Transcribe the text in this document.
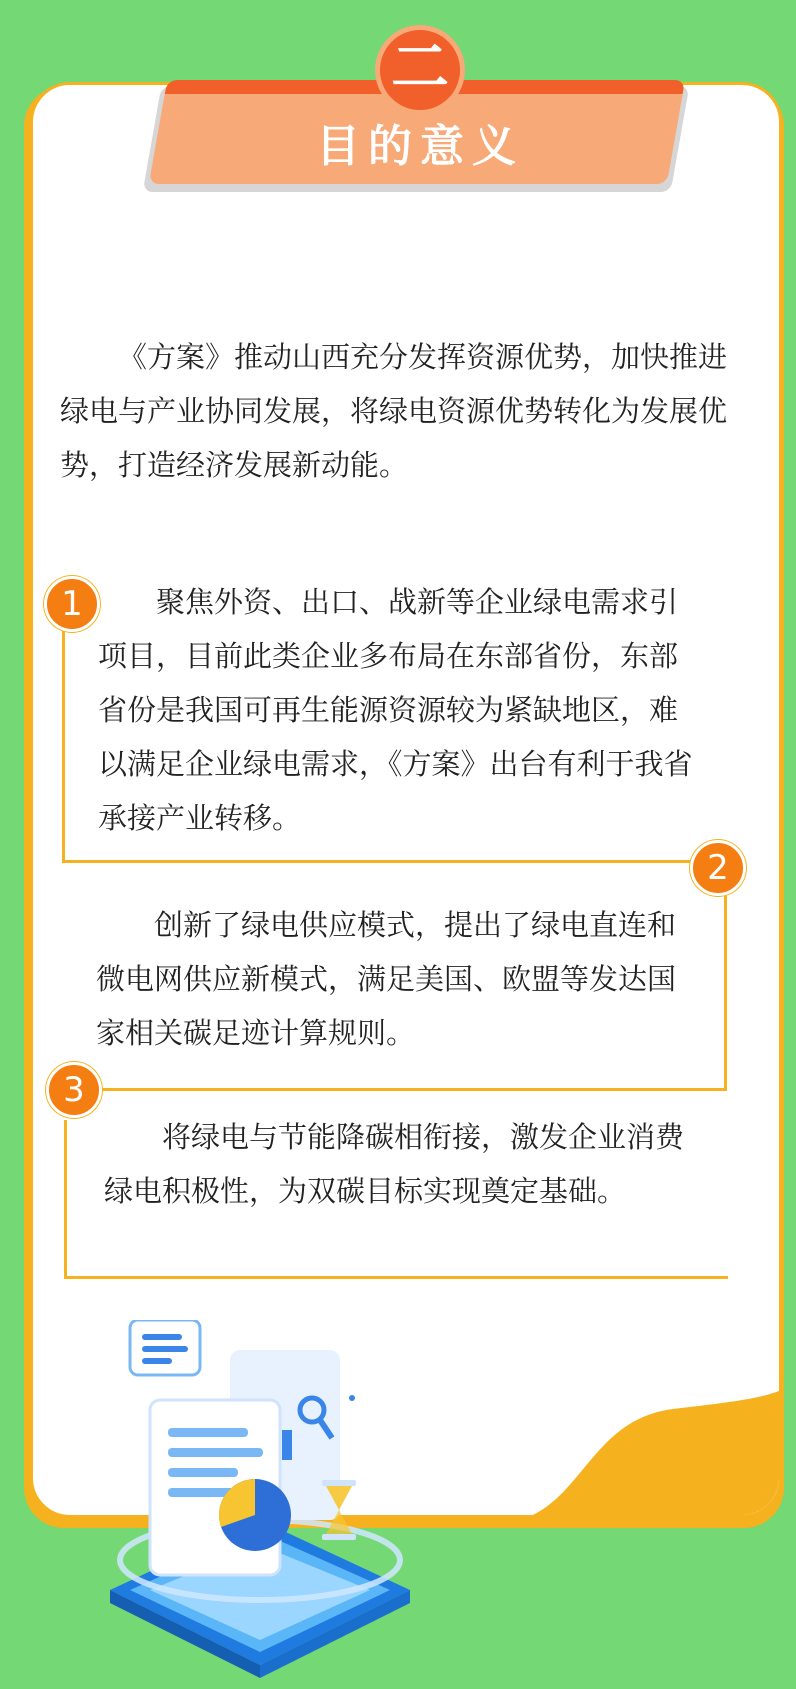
目的意义
二

《方案》推动山西充分发挥资源优势，加快推进绿电与产业协同发展，将绿电资源优势转化为发展优势，打造经济发展新动能。

1	聚焦外资、出口、战新等企业绿电需求引项目，目前此类企业多布局在东部省份，东部省份是我国可再生能源资源较为紧缺地区，难以满足企业绿电需求，《方案》出台有利于我省承接产业转移。

2

创新了绿电供应模式，提出了绿电直连和微电网供应新模式，满足美国、欧盟等发达国家相关碳足迹计算规则。

3

将绿电与节能降碳相衔接，激发企业消费绿电积极性，为双碳目标实现奠定基础。
